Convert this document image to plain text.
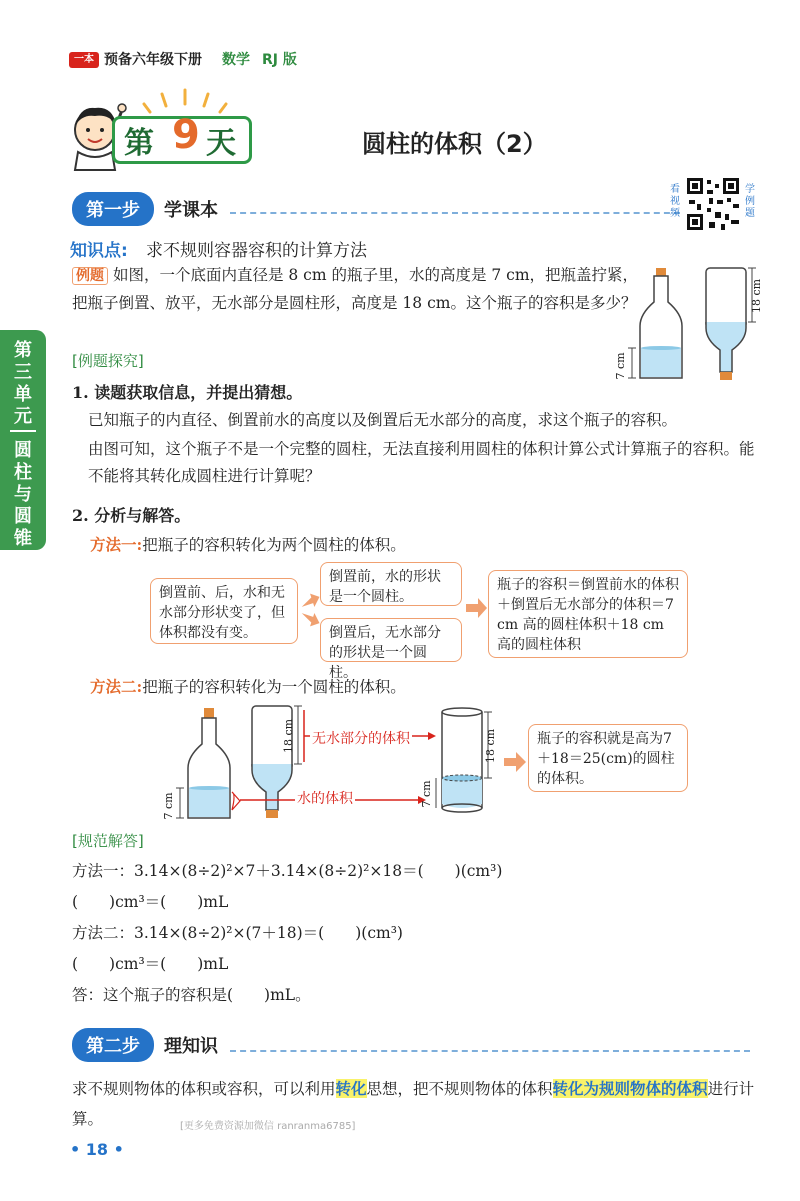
一本 预备六年级下册 数学 RJ 版
第 9 天	圆柱的体积（2）
第三单元
圆柱与圆锥
第一步	学课本
看视频
学例题
知识点: 求不规则容器容积的计算方法
例题 如图，一个底面内直径是 8 cm 的瓶子里，水的高度是 7 cm，把瓶盖拧紧，把瓶子倒置、放平，无水部分是圆柱形，高度是 18 cm。这个瓶子的容积是多少？
7 cm
18 cm
[例题探究]
1. 读题获取信息，并提出猜想。
已知瓶子的内直径、倒置前水的高度以及倒置后无水部分的高度，求这个瓶子的容积。
由图可知，这个瓶子不是一个完整的圆柱，无法直接利用圆柱的体积计算公式计算瓶子的容积。能不能将其转化成圆柱进行计算呢？
2. 分析与解答。
方法一:把瓶子的容积转化为两个圆柱的体积。
倒置前、后，水和无水部分形状变了，但体积都没有变。
倒置前，水的形状是一个圆柱。
倒置后，无水部分的形状是一个圆柱。
瓶子的容积＝倒置前水的体积＋倒置后无水部分的体积＝7 cm 高的圆柱体积＋18 cm 高的圆柱体积
方法二:把瓶子的容积转化为一个圆柱的体积。
7 cm
18 cm	18 cm
7 cm
无水部分的体积
水的体积
瓶子的容积就是高为7＋18＝25(cm)的圆柱的体积。
[规范解答]
方法一：3.14×(8÷2)²×7＋3.14×(8÷2)²×18＝(　　)(cm³)
(　　)cm³＝(　　)mL
方法二：3.14×(8÷2)²×(7＋18)＝(　　)(cm³)
(　　)cm³＝(　　)mL
答：这个瓶子的容积是(　　)mL。
第二步	理知识
求不规则物体的体积或容积，可以利用转化思想，把不规则物体的体积转化为规则物体的体积进行计算。	[更多免费资源加微信 ranranma6785]
• 18 •
